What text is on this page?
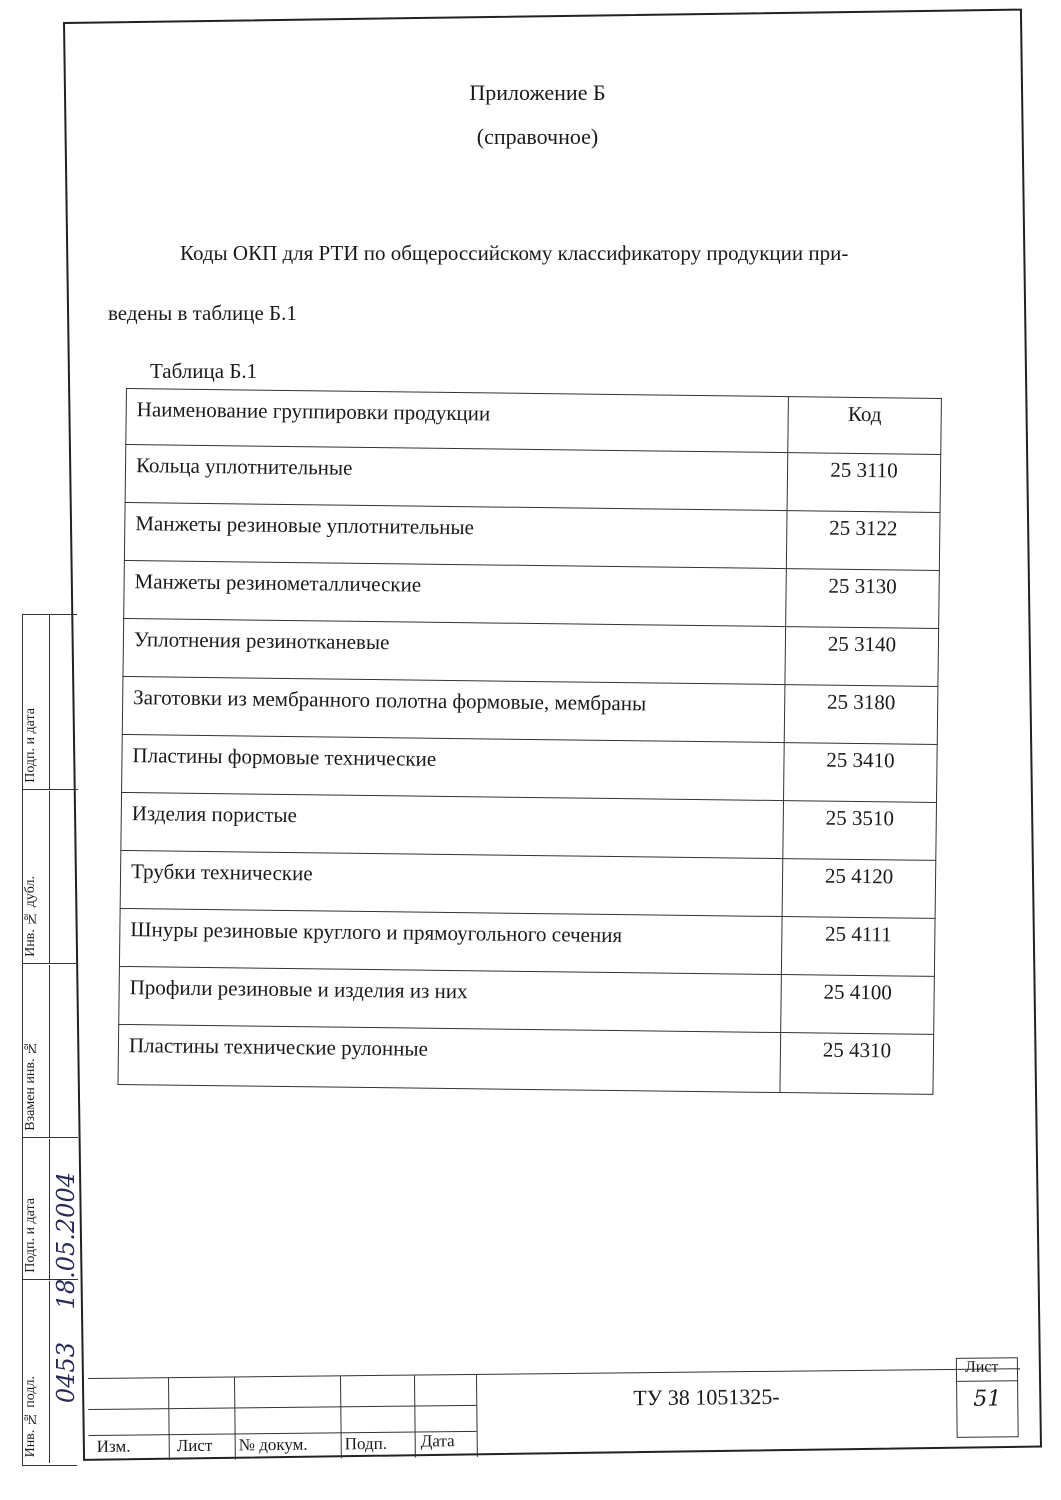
Приложение Б
(справочное)
Коды ОКП для РТИ по общероссийскому классификатору продукции при-
ведены в таблице Б.1
Таблица Б.1
Наименование группировки продукции	Код
Кольца уплотнительные	25 3110
Манжеты резиновые уплотнительные	25 3122
Манжеты резинометаллические	25 3130
Уплотнения резинотканевые	25 3140
Заготовки из мембранного полотна формовые, мембраны	25 3180
Пластины формовые технические	25 3410
Изделия пористые	25 3510
Трубки технические	25 4120
Шнуры резиновые круглого и прямоугольного сечения	25 4111
Профили резиновые и изделия из них	25 4100
Пластины технические рулонные	25 4310
Подп. и дата
Инв. № дубл.
Взамен инв. №
Подп. и дата
Инв. № подл.
18.05.2004
0453
Изм.	Лист № докум. Подп. Дата
ТУ 38 1051325-
Лист
51
